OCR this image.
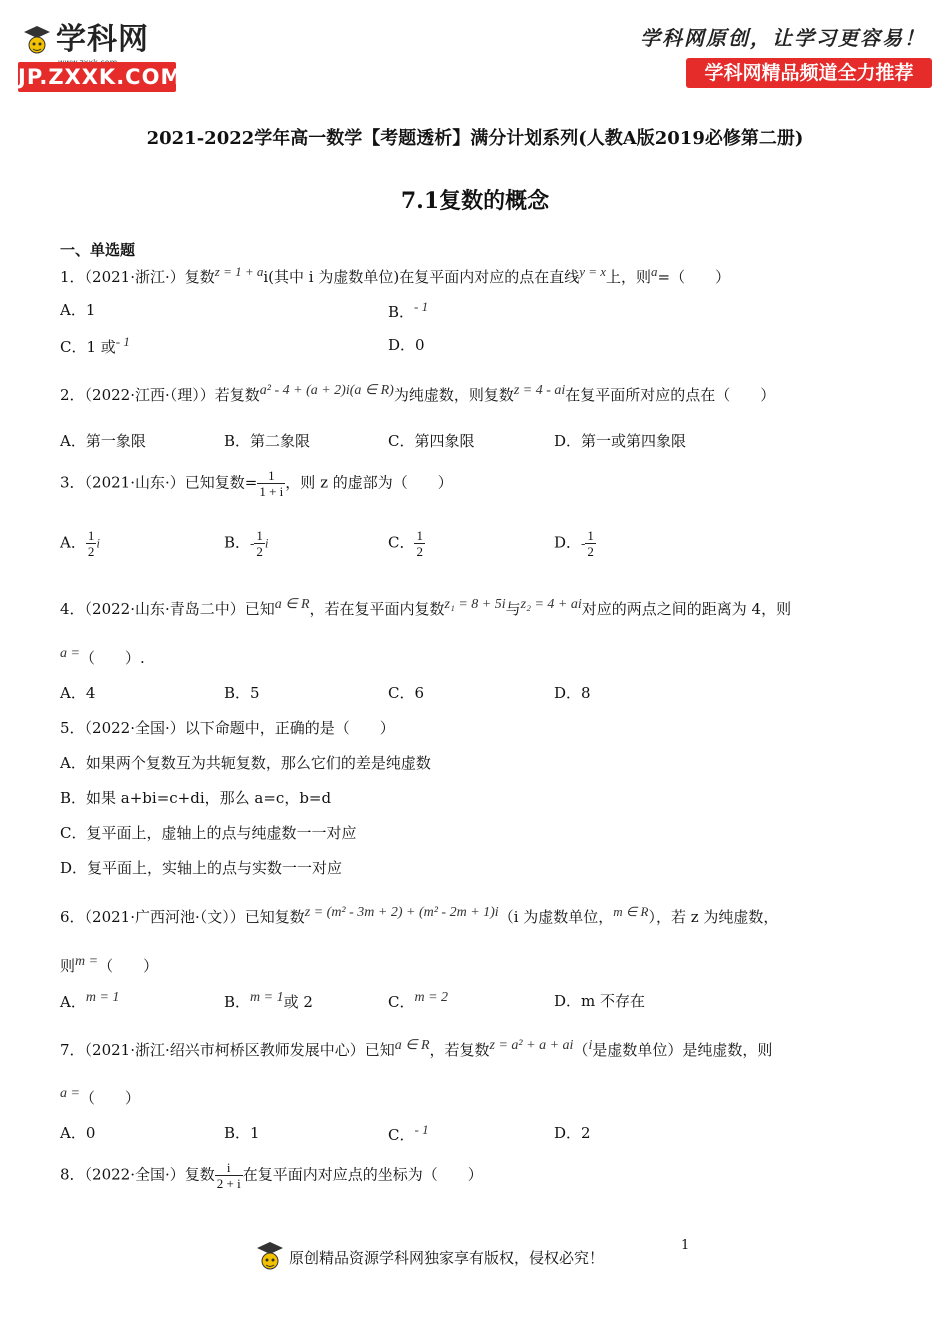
学科网
JP.ZXXK.COM
学科网原创，让学习更容易！
学科网精品频道全力推荐
2021-2022学年高一数学【考题透析】满分计划系列(人教A版2019必修第二册)
7.1复数的概念
一、单选题
1．（2021·浙江·）复数$^{z = 1 + a}$i(其中 i 为虚数单位)在复平面内对应的点在直线$^{y = x}$上，则$^a$=（　　）
A．1	B．$^{- 1}$
C．1 或$^{- 1}$	D．0
2．（2022·江西·（理））若复数$^{a^2 - 4 + (a + 2)i(a \in R)}$为纯虚数，则复数$^{z = 4 - ai}$在复平面所对应的点在（　　）
A．第一象限	B．第二象限	C．第四象限	D．第一或第四象限
3．（2021·山东·）已知复数= $\frac{1}{1 + i}$ ，则 z 的虚部为（　　）
A． $\frac{1}{2}$ i	B．- $\frac{1}{2}$ i	C． $\frac{1}{2}$	D．- $\frac{1}{2}$
4．（2022·山东·青岛二中）已知$^{a \in R}$，若在复平面内复数$^{z_1 = 8 + 5i}$与$^{z_2 = 4 + ai}$对应的两点之间的距离为 4，则
$^{a =}$（　　）.
A．4	B．5	C．6	D．8
5．（2022·全国·）以下命题中，正确的是（　　）
A．如果两个复数互为共轭复数，那么它们的差是纯虚数
B．如果 a+bi=c+di，那么 a=c，b=d
C．复平面上，虚轴上的点与纯虚数一一对应
D．复平面上，实轴上的点与实数一一对应
6．（2021·广西河池·（文））已知复数$^{z = (m^2 - 3m + 2) + (m^2 - 2m + 1)i}$（i 为虚数单位，$^{m \in R}$），若 z 为纯虚数，
则$^{m =}$（　　）
A．$^{m = 1}$	B．$^{m = 1}$或 2	C．$^{m = 2}$	D．m 不存在
7．（2021·浙江·绍兴市柯桥区教师发展中心）已知$^{a \in R}$，若复数$^{z = a^2 + a + ai}$（$^i$是虚数单位）是纯虚数，则
$^{a =}$（　　）
A．0	B．1	C．$^{- 1}$	D．2
8．（2022·全国·）复数 $\frac{i}{2 + i}$ 在复平面内对应点的坐标为（　　）
1
原创精品资源学科网独家享有版权，侵权必究！
